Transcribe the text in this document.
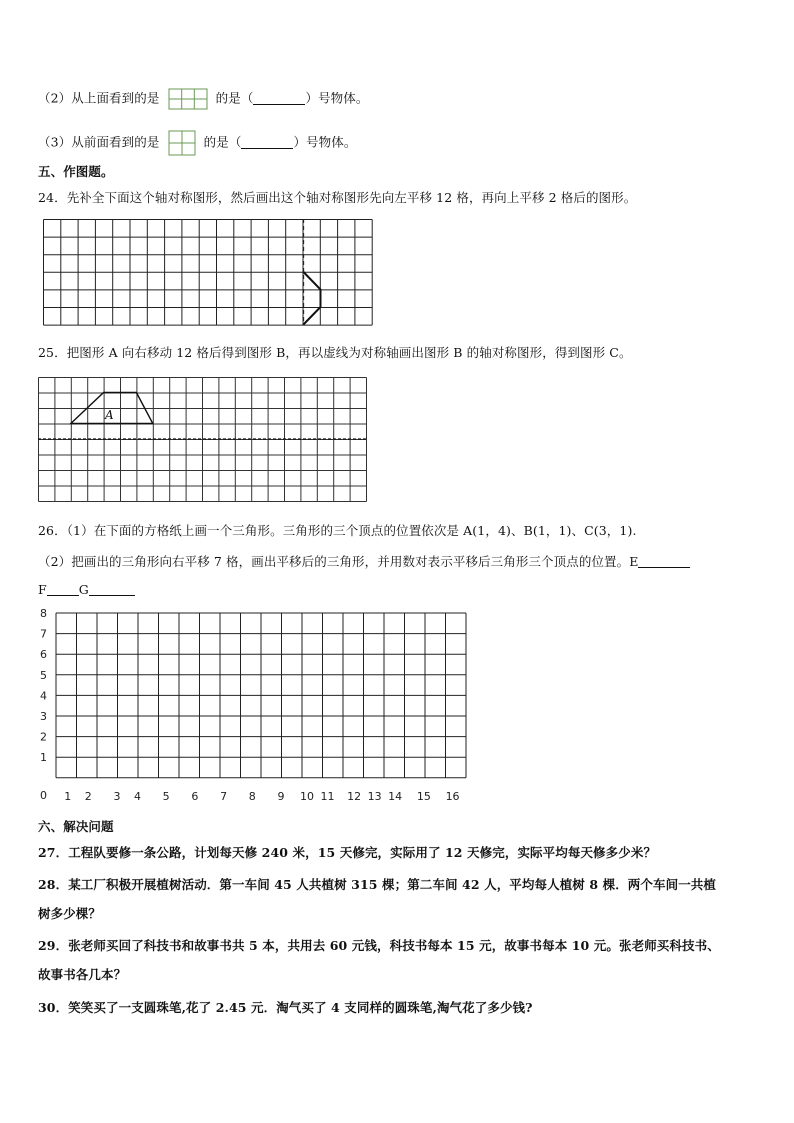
（2）从上面看到的是	的是（	）号物体。
（3）从前面看到的是	的是（	）号物体。
五、作图题。
24．先补全下面这个轴对称图形，然后画出这个轴对称图形先向左平移 12 格，再向上平移 2 格后的图形。
25．把图形 A 向右移动 12 格后得到图形 B，再以虚线为对称轴画出图形 B 的轴对称图形，得到图形 C。
A
26．（1）在下面的方格纸上画一个三角形。三角形的三个顶点的位置依次是 A(1，4)、B(1，1)、C(3，1).
（2）把画出的三角形向右平移 7 格，画出平移后的三角形，并用数对表示平移后三角形三个顶点的位置。E
F	G
1 2 3 4 5 6 7 8 9 10 11 12 13 14 15 16
1
2
3
4
5
6
7
8
0
六、解决问题
27．工程队要修一条公路，计划每天修 240 米，15 天修完，实际用了 12 天修完，实际平均每天修多少米？
28．某工厂积极开展植树活动．第一车间 45 人共植树 315 棵；第二车间 42 人，平均每人植树 8 棵．两个车间一共植
树多少棵？
29．张老师买回了科技书和故事书共 5 本，共用去 60 元钱，科技书每本 15 元，故事书每本 10 元。张老师买科技书、
故事书各几本？
30．笑笑买了一支圆珠笔,花了 2.45 元．淘气买了 4 支同样的圆珠笔,淘气花了多少钱?
